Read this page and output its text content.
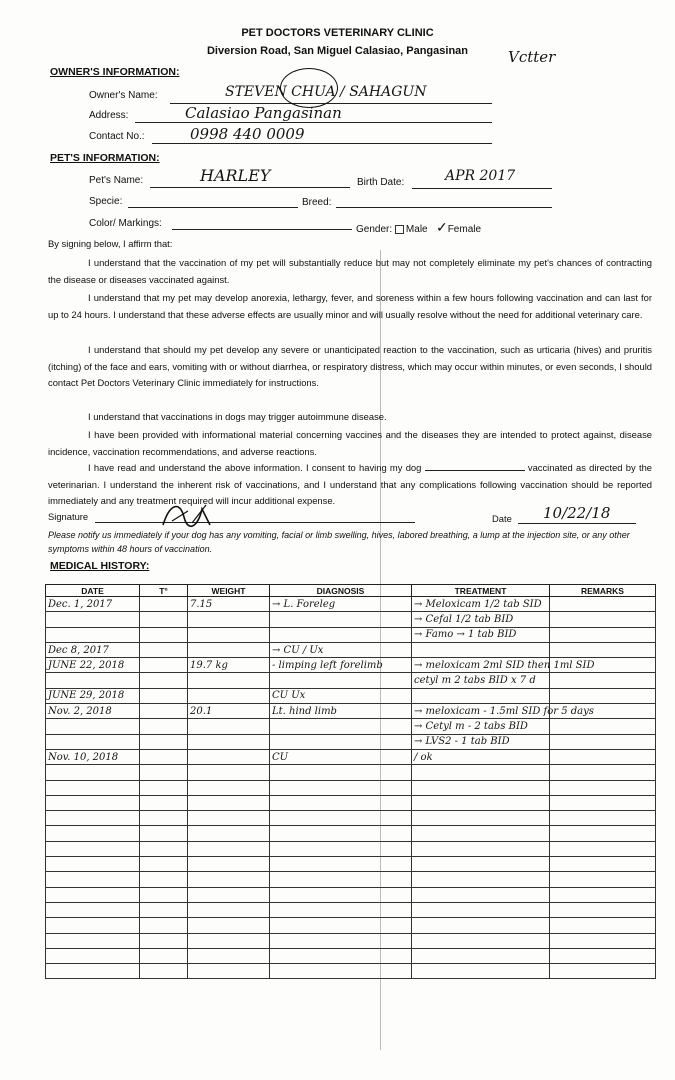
PET DOCTORS VETERINARY CLINIC
Diversion Road, San Miguel Calasiao, Pangasinan	Vctter
OWNER'S INFORMATION:
Owner's Name:	STEVEN CHUA / SAHAGUN
Address:	Calasiao Pangasinan
Contact No.:	0998 440 0009
PET'S INFORMATION:
Pet's Name:	HARLEY	Birth Date:	APR 2017
Specie:	Breed:
Color/ Markings:
Gender: Male ✓Female
By signing below, I affirm that:
I understand that the vaccination of my pet will substantially reduce but may not completely eliminate my pet's chances of contracting the disease or diseases vaccinated against.
I understand that my pet may develop anorexia, lethargy, fever, and soreness within a few hours following vaccination and can last for up to 24 hours. I understand that these adverse effects are usually minor and will usually resolve without the need for additional veterinary care.
I understand that should my pet develop any severe or unanticipated reaction to the vaccination, such as urticaria (hives) and pruritis (itching) of the face and ears, vomiting with or without diarrhea, or respiratory distress, which may occur within minutes, or even seconds, I should contact Pet Doctors Veterinary Clinic immediately for instructions.
I understand that vaccinations in dogs may trigger autoimmune disease.
I have been provided with informational material concerning vaccines and the diseases they are intended to protect against, disease incidence, vaccination recommendations, and adverse reactions.
I have read and understand the above information. I consent to having my dog	vaccinated as directed by the veterinarian. I understand the inherent risk of vaccinations, and I understand that any complications following vaccination should be reported immediately and any treatment required will incur additional expense.
Signature	Date 10/22/18
Please notify us immediately if your dog has any vomiting, facial or limb swelling, hives, labored breathing, a lump at the injection site, or any other symptoms within 48 hours of vaccination.
MEDICAL HISTORY:
DATE	T°	WEIGHT	DIAGNOSIS	TREATMENT	REMARKS
Dec. 1, 2017		7.15	→ L. Foreleg	→ Meloxicam 1/2 tab SID	
				→ Cefal 1/2 tab BID	
				→ Famo → 1 tab BID	
Dec 8, 2017			→ CU / Ux		
JUNE 22, 2018		19.7 kg	- limping left forelimb	→ meloxicam 2ml SID then 1ml SID	
				cetyl m 2 tabs BID x 7 d	
JUNE 29, 2018			CU Ux		
Nov. 2, 2018		20.1	Lt. hind limb	→ meloxicam - 1.5ml SID for 5 days	
				→ Cetyl m - 2 tabs BID	
				→ LVS2 - 1 tab BID	
Nov. 10, 2018			CU	/ ok	
